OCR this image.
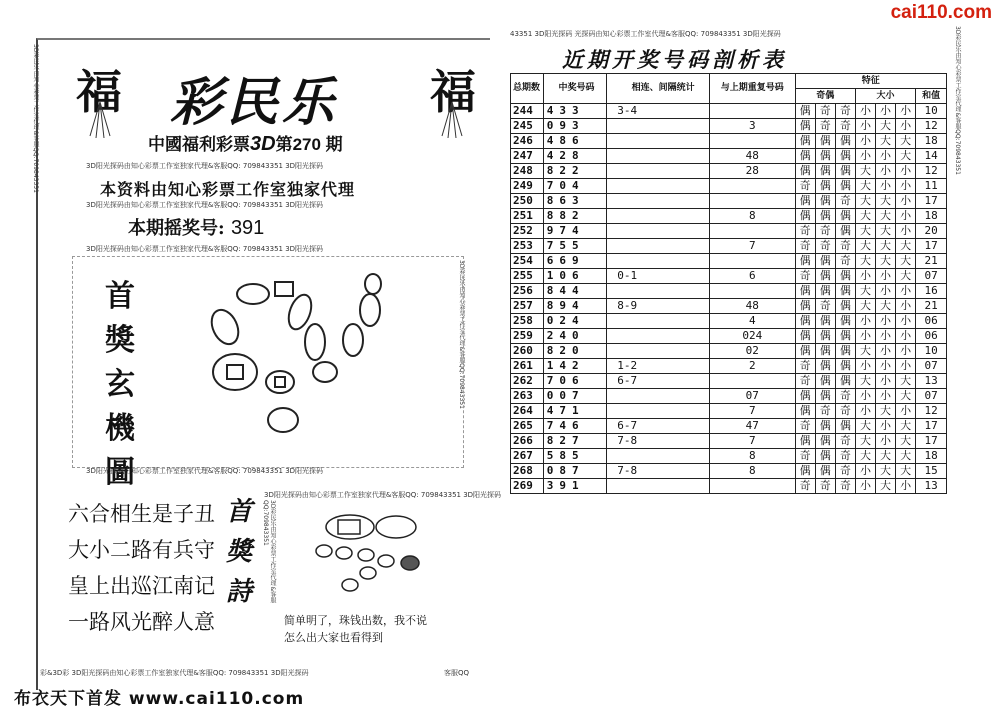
cai110.com
3D彩民乐由知心彩票工作室代理&客服QQ:709843351
3D彩民乐由知心彩票工作室代理&客服QQ:709843351
福	福
彩民乐
中國福利彩票3D第270 期
3D阳光探码由知心彩票工作室独家代理&客服QQ: 709843351 3D阳光探码
本资料由知心彩票工作室独家代理
3D阳光探码由知心彩票工作室独家代理&客服QQ: 709843351 3D阳光探码
本期摇奖号: 391
3D阳光探码由知心彩票工作室独家代理&客服QQ: 709843351 3D阳光探码
首獎玄機圖
3D阳光探码由知心彩票工作室独家代理&客服QQ: 709843351 3D阳光探码
六合相生是子丑
大小二路有兵守
皇上出巡江南记
一路风光醉人意
首獎詩
3D阳光探码由知心彩票工作室独家代理&客服QQ: 709843351 3D阳光探码
3D彩民乐由知心彩票工作室代理&客服QQ:709843351
简单明了，珠钱出数，我不说
怎么出大家也看得到
彩&3D彩 3D阳光探码由知心彩票工作室独家代理&客服QQ: 709843351 3D阳光探码	客服QQ
布衣天下首发 www.cai110.com
43351 3D阳光探码 光探码由知心彩票工作室代理&客服QQ: 709843351 3D阳光探码
近期开奖号码剖析表
总期数	中奖号码	相连、间隔统计	与上期重复号码	特征						
				奇偶			大小			和值
244	433	3-4		偶	奇	奇	小	小	小	10
245	093		3	偶	奇	奇	小	大	小	12
246	486			偶	偶	偶	小	大	大	18
247	428		48	偶	偶	偶	小	小	大	14
248	822		28	偶	偶	偶	大	小	小	12
249	704			奇	偶	偶	大	小	小	11
250	863			偶	偶	奇	大	大	小	17
251	882		8	偶	偶	偶	大	大	小	18
252	974			奇	奇	偶	大	大	小	20
253	755		7	奇	奇	奇	大	大	大	17
254	669			偶	偶	奇	大	大	大	21
255	106	0-1	6	奇	偶	偶	小	小	大	07
256	844			偶	偶	偶	大	小	小	16
257	894	8-9	48	偶	奇	偶	大	大	小	21
258	024		4	偶	偶	偶	小	小	小	06
259	240		024	偶	偶	偶	小	小	小	06
260	820		02	偶	偶	偶	大	小	小	10
261	142	1-2	2	奇	偶	偶	小	小	小	07
262	706	6-7		奇	偶	偶	大	小	大	13
263	007		07	偶	偶	奇	小	小	大	07
264	471		7	偶	奇	奇	小	大	小	12
265	746	6-7	47	奇	偶	偶	大	小	大	17
266	827	7-8	7	偶	偶	奇	大	小	大	17
267	585		8	奇	偶	奇	大	大	大	18
268	087	7-8	8	偶	偶	奇	小	大	大	15
269	391			奇	奇	奇	小	大	小	13
3D彩民乐由知心彩票工作室代理&客服QQ:709843351
